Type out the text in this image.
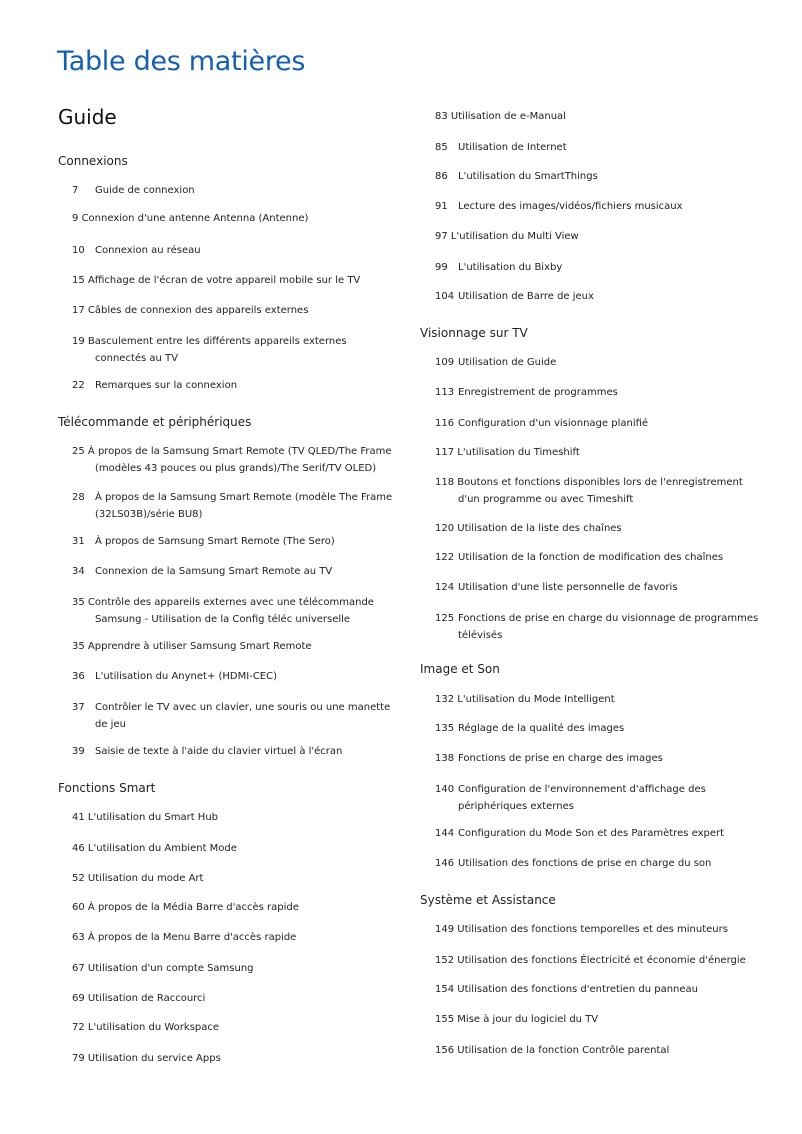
Table des matières
Guide
Connexions
7 Guide de connexion
9 Connexion d'une antenne Antenna (Antenne)
10 Connexion au réseau
15 Affichage de l'écran de votre appareil mobile sur le TV
17 Câbles de connexion des appareils externes
19 Basculement entre les différents appareils externes
connectés au TV
22 Remarques sur la connexion
Télécommande et périphériques
25 À propos de la Samsung Smart Remote (TV QLED/The Frame
(modèles 43 pouces ou plus grands)/The Serif/TV OLED)
28 À propos de la Samsung Smart Remote (modèle The Frame
(32LS03B)/série BU8)
31 À propos de Samsung Smart Remote (The Sero)
34 Connexion de la Samsung Smart Remote au TV
35 Contrôle des appareils externes avec une télécommande
Samsung - Utilisation de la Config téléc universelle
35 Apprendre à utiliser Samsung Smart Remote
36 L'utilisation du Anynet+ (HDMI-CEC)
37 Contrôler le TV avec un clavier, une souris ou une manette
de jeu
39 Saisie de texte à l'aide du clavier virtuel à l'écran
Fonctions Smart
41 L'utilisation du Smart Hub
46 L'utilisation du Ambient Mode
52 Utilisation du mode Art
60 À propos de la Média Barre d'accès rapide
63 À propos de la Menu Barre d'accès rapide
67 Utilisation d'un compte Samsung
69 Utilisation de Raccourci
72 L'utilisation du Workspace
79 Utilisation du service Apps
83 Utilisation de e-Manual
85 Utilisation de Internet
86 L'utilisation du SmartThings
91 Lecture des images/vidéos/fichiers musicaux
97 L'utilisation du Multi View
99 L'utilisation du Bixby
104 Utilisation de Barre de jeux
Visionnage sur TV
109 Utilisation de Guide
113 Enregistrement de programmes
116 Configuration d'un visionnage planifié
117 L'utilisation du Timeshift
118 Boutons et fonctions disponibles lors de l'enregistrement
d'un programme ou avec Timeshift
120 Utilisation de la liste des chaînes
122 Utilisation de la fonction de modification des chaînes
124 Utilisation d'une liste personnelle de favoris
125 Fonctions de prise en charge du visionnage de programmes
télévisés
Image et Son
132 L'utilisation du Mode Intelligent
135 Réglage de la qualité des images
138 Fonctions de prise en charge des images
140 Configuration de l'environnement d'affichage des
périphériques externes
144 Configuration du Mode Son et des Paramètres expert
146 Utilisation des fonctions de prise en charge du son
Système et Assistance
149 Utilisation des fonctions temporelles et des minuteurs
152 Utilisation des fonctions Électricité et économie d'énergie
154 Utilisation des fonctions d'entretien du panneau
155 Mise à jour du logiciel du TV
156 Utilisation de la fonction Contrôle parental
